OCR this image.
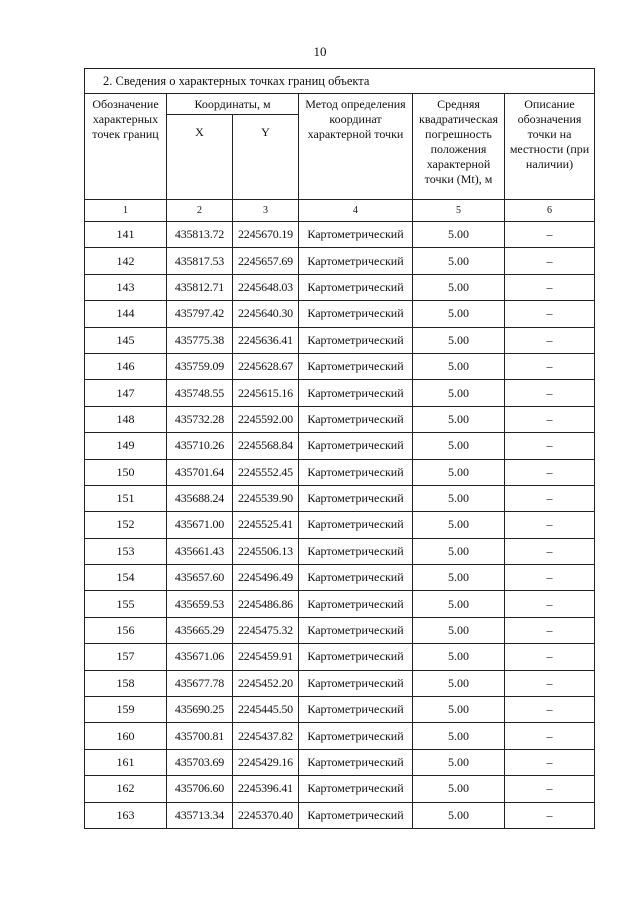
10
2. Сведения о характерных точках границ объекта					
Обозначение характерных точек границ	Координаты, м		Метод определения координат характерной точки	Средняя квадратическая погрешность положения характерной точки (Mt), м	Описание обозначения точки на местности (при наличии)
	X	Y			
1	2	3	4	5	6
141	435813.72	2245670.19	Картометрический	5.00	–
142	435817.53	2245657.69	Картометрический	5.00	–
143	435812.71	2245648.03	Картометрический	5.00	–
144	435797.42	2245640.30	Картометрический	5.00	–
145	435775.38	2245636.41	Картометрический	5.00	–
146	435759.09	2245628.67	Картометрический	5.00	–
147	435748.55	2245615.16	Картометрический	5.00	–
148	435732.28	2245592.00	Картометрический	5.00	–
149	435710.26	2245568.84	Картометрический	5.00	–
150	435701.64	2245552.45	Картометрический	5.00	–
151	435688.24	2245539.90	Картометрический	5.00	–
152	435671.00	2245525.41	Картометрический	5.00	–
153	435661.43	2245506.13	Картометрический	5.00	–
154	435657.60	2245496.49	Картометрический	5.00	–
155	435659.53	2245486.86	Картометрический	5.00	–
156	435665.29	2245475.32	Картометрический	5.00	–
157	435671.06	2245459.91	Картометрический	5.00	–
158	435677.78	2245452.20	Картометрический	5.00	–
159	435690.25	2245445.50	Картометрический	5.00	–
160	435700.81	2245437.82	Картометрический	5.00	–
161	435703.69	2245429.16	Картометрический	5.00	–
162	435706.60	2245396.41	Картометрический	5.00	–
163	435713.34	2245370.40	Картометрический	5.00	–
